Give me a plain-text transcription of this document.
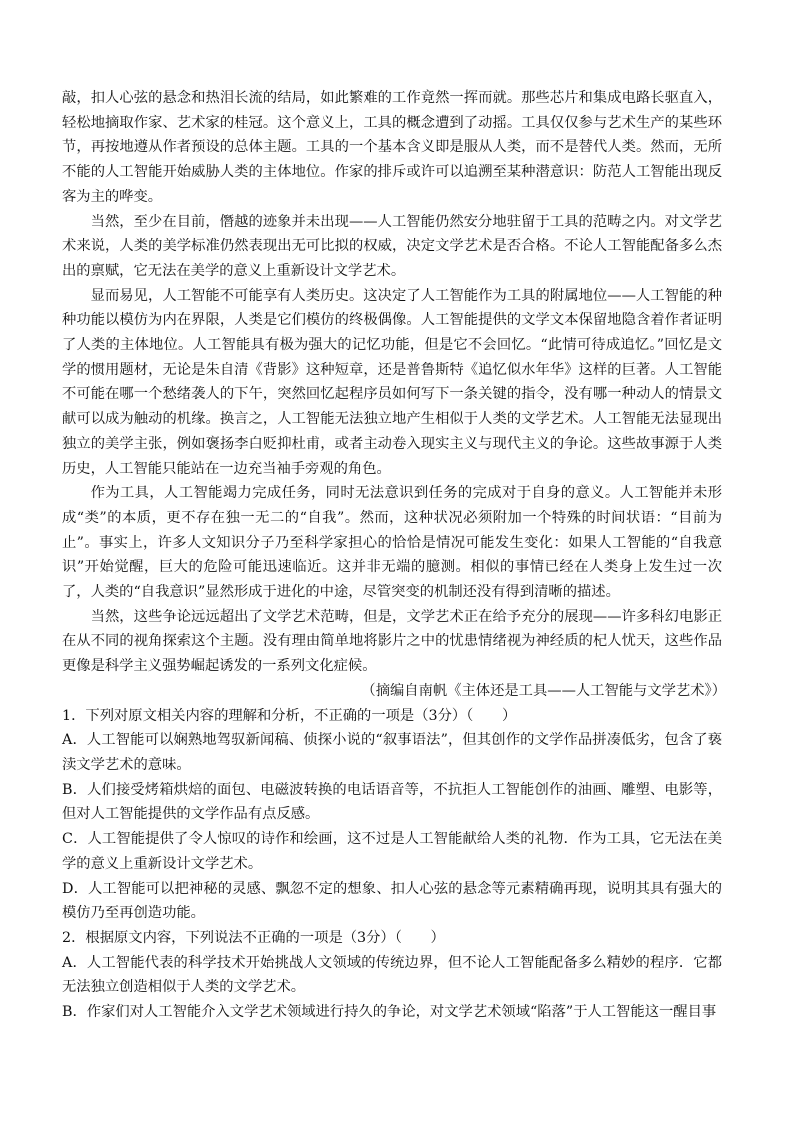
敲，扣人心弦的悬念和热泪长流的结局，如此繁难的工作竟然一挥而就。那些芯片和集成电路长驱直入，轻松地摘取作家、艺术家的桂冠。这个意义上，工具的概念遭到了动摇。工具仅仅参与艺术生产的某些环节，再按地遵从作者预设的总体主题。工具的一个基本含义即是服从人类，而不是替代人类。然而，无所不能的人工智能开始威胁人类的主体地位。作家的排斥或许可以追溯至某种潜意识：防范人工智能出现反客为主的哗变。

当然，至少在目前，僭越的迹象并未出现——人工智能仍然安分地驻留于工具的范畴之内。对文学艺术来说，人类的美学标准仍然表现出无可比拟的权威，决定文学艺术是否合格。不论人工智能配备多么杰出的禀赋，它无法在美学的意义上重新设计文学艺术。

显而易见，人工智能不可能享有人类历史。这决定了人工智能作为工具的附属地位——人工智能的种种功能以模仿为内在界限，人类是它们模仿的终极偶像。人工智能提供的文学文本保留地隐含着作者证明了人类的主体地位。人工智能具有极为强大的记忆功能，但是它不会回忆。“此情可待成追忆。”回忆是文学的惯用题材，无论是朱自清《背影》这种短章，还是普鲁斯特《追忆似水年华》这样的巨著。人工智能不可能在哪一个愁绪袭人的下午，突然回忆起程序员如何写下一条关键的指令，没有哪一种动人的情景文献可以成为触动的机缘。换言之，人工智能无法独立地产生相似于人类的文学艺术。人工智能无法显现出独立的美学主张，例如褒扬李白贬抑杜甫，或者主动卷入现实主义与现代主义的争论。这些故事源于人类历史，人工智能只能站在一边充当袖手旁观的角色。

作为工具，人工智能竭力完成任务，同时无法意识到任务的完成对于自身的意义。人工智能并未形成“类”的本质，更不存在独一无二的“自我”。然而，这种状况必须附加一个特殊的时间状语：“目前为止”。事实上，许多人文知识分子乃至科学家担心的恰恰是情况可能发生变化：如果人工智能的“自我意识”开始觉醒，巨大的危险可能迅速临近。这并非无端的臆测。相似的事情已经在人类身上发生过一次了，人类的“自我意识”显然形成于进化的中途，尽管突变的机制还没有得到清晰的描述。

当然，这些争论远远超出了文学艺术范畴，但是，文学艺术正在给予充分的展现——许多科幻电影正在从不同的视角探索这个主题。没有理由简单地将影片之中的忧患情绪视为神经质的杞人忧天，这些作品更像是科学主义强势崛起诱发的一系列文化症候。

（摘编自南帆《主体还是工具——人工智能与文学艺术》）

1．下列对原文相关内容的理解和分析，不正确的一项是（3分）（　　）

A．人工智能可以娴熟地驾驭新闻稿、侦探小说的“叙事语法”，但其创作的文学作品拼凑低劣，包含了亵渎文学艺术的意味。

B．人们接受烤箱烘焙的面包、电磁波转换的电话语音等，不抗拒人工智能创作的油画、雕塑、电影等，但对人工智能提供的文学作品有点反感。

C．人工智能提供了令人惊叹的诗作和绘画，这不过是人工智能献给人类的礼物．作为工具，它无法在美学的意义上重新设计文学艺术。

D．人工智能可以把神秘的灵感、飘忽不定的想象、扣人心弦的悬念等元素精确再现，说明其具有强大的模仿乃至再创造功能。

2．根据原文内容，下列说法不正确的一项是（3分）（　　）

A．人工智能代表的科学技术开始挑战人文领域的传统边界，但不论人工智能配备多么精妙的程序．它都无法独立创造相似于人类的文学艺术。

B．作家们对人工智能介入文学艺术领域进行持久的争论，对文学艺术领域“陷落”于人工智能这一醒目事
